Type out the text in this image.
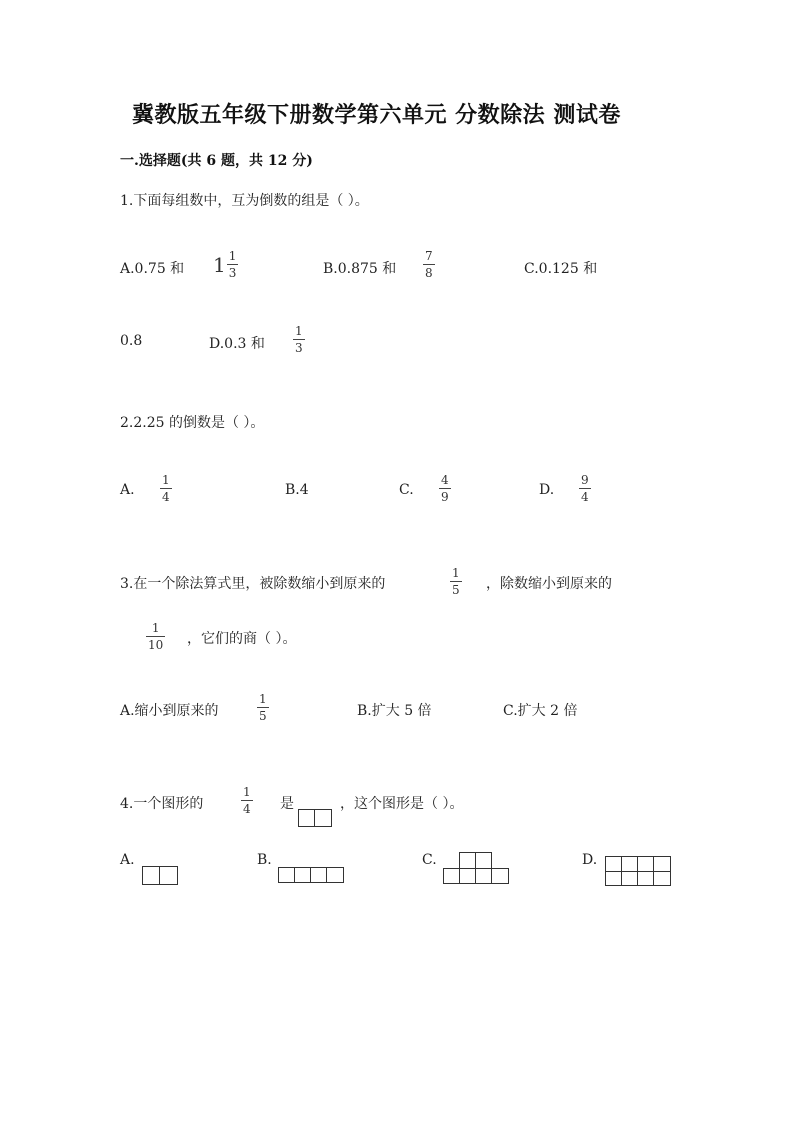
冀教版五年级下册数学第六单元 分数除法 测试卷
一.选择题(共 6 题，共 12 分)
1.下面每组数中，互为倒数的组是（ ）。
A.0.75 和 $1 \frac{1}{3}$	B.0.875 和
7
8	C.0.125 和
0.8	D.0.3 和
1
3
2.2.25 的倒数是（ ）。
A.
1
4	B.4	C.
4
9	D.
9
4
3.在一个除法算式里，被除数缩小到原来的
1
5 ，除数缩小到原来的
1
10 ，它们的商（ ）。
A.缩小到原来的
1
5	B.扩大 5 倍	C.扩大 2 倍
4.一个图形的
1
4 是	，这个图形是（ ）。
A.	B.	C.	D.
